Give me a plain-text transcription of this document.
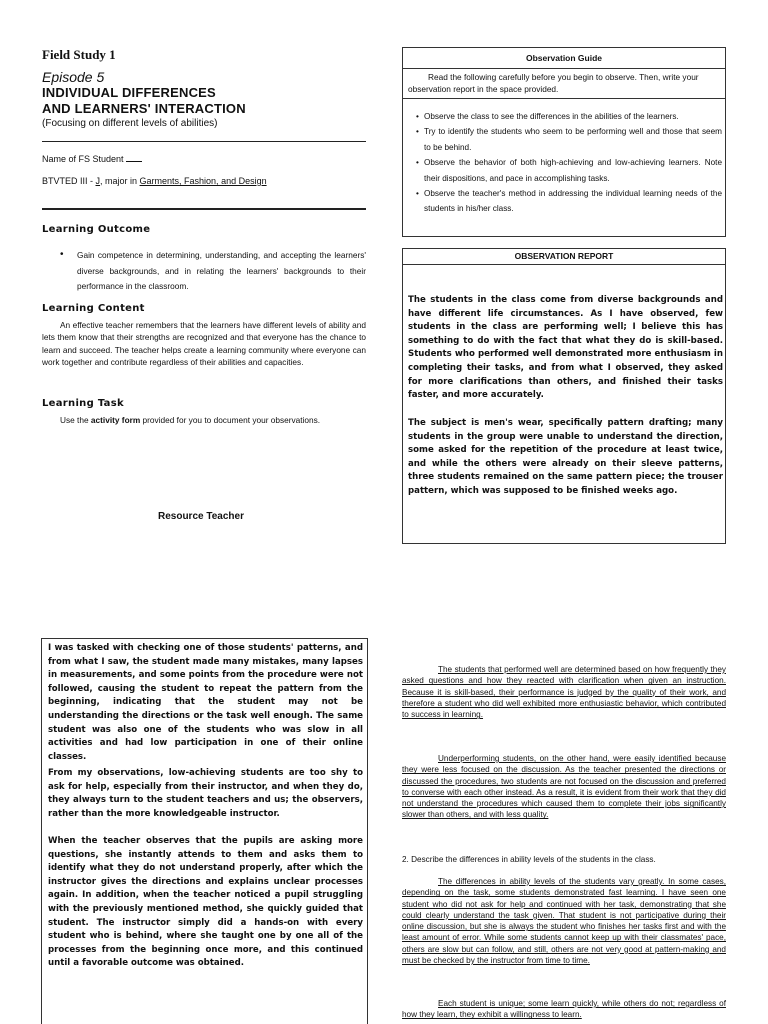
Field Study 1
Episode 5
INDIVIDUAL DIFFERENCES
AND LEARNERS' INTERACTION
(Focusing on different levels of abilities)
Name of FS Student
BTVTED III - J, major in Garments, Fashion, and Design
Learning Outcome
• Gain competence in determining, understanding, and accepting the learners' diverse backgrounds, and in relating the learners' backgrounds to their performance in the classroom.
Learning Content
An effective teacher remembers that the learners have different levels of ability and lets them know that their strengths are recognized and that everyone has the chance to learn and succeed. The teacher helps create a learning community where everyone can work together and contribute regardless of their abilities and capacities.
Learning Task
Use the activity form provided for you to document your observations.
Resource Teacher
Observation Guide
Read the following carefully before you begin to observe. Then, write your observation report in the space provided.
• Observe the class to see the differences in the abilities of the learners.
• Try to identify the students who seem to be performing well and those that seem to be behind.
• Observe the behavior of both high-achieving and low-achieving learners. Note their dispositions, and pace in accomplishing tasks.
• Observe the teacher's method in addressing the individual learning needs of the students in his/her class.
OBSERVATION REPORT
The students in the class come from diverse backgrounds and have different life circumstances. As I have observed, few students in the class are performing well; I believe this has something to do with the fact that what they do is skill-based. Students who performed well demonstrated more enthusiasm in completing their tasks, and from what I observed, they asked for more clarifications than others, and finished their tasks faster, and more accurately.
The subject is men's wear, specifically pattern drafting; many students in the group were unable to understand the direction, some asked for the repetition of the procedure at least twice, and while the others were already on their sleeve patterns, three students remained on the same pattern piece; the trouser pattern, which was supposed to be finished weeks ago.
I was tasked with checking one of those students' patterns, and from what I saw, the student made many mistakes, many lapses in measurements, and some points from the procedure were not followed, causing the student to repeat the pattern from the beginning, indicating that the student may not be understanding the directions or the task well enough. The same student was also one of the students who was slow in all activities and had low participation in one of their online classes.
From my observations, low-achieving students are too shy to ask for help, especially from their instructor, and when they do, they always turn to the student teachers and us; the observers, rather than the more knowledgeable instructor.
When the teacher observes that the pupils are asking more questions, she instantly attends to them and asks them to identify what they do not understand properly, after which the instructor gives the directions and explains unclear processes again. In addition, when the teacher noticed a pupil struggling with the previously mentioned method, she quickly guided that student. The instructor simply did a hands-on with every student who is behind, where she taught one by one all of the processes from the beginning once more, and this continued until a favorable outcome was obtained.
The students that performed well are determined based on how frequently they asked questions and how they reacted with clarification when given an instruction. Because it is skill-based, their performance is judged by the quality of their work, and therefore a student who did well exhibited more enthusiastic behavior, which contributed to success in learning.
Underperforming students, on the other hand, were easily identified because they were less focused on the discussion. As the teacher presented the directions or discussed the procedures, two students are not focused on the discussion and preferred to converse with each other instead. As a result, it is evident from their work that they did not understand the procedures which caused them to complete their jobs significantly slower than others, and with less quality.
2. Describe the differences in ability levels of the students in the class.
The differences in ability levels of the students vary greatly. In some cases, depending on the task, some students demonstrated fast learning. I have seen one student who did not ask for help and continued with her task, demonstrating that she could clearly understand the task given. That student is not participative during their online discussion, but she is always the student who finishes her tasks first and with the least amount of error. While some students cannot keep up with their classmates' pace, others are slow but can follow, and still, others are not very good at pattern-making and must be checked by the instructor from time to time.
Each student is unique; some learn quickly, while others do not; regardless of how they learn, they exhibit a willingness to learn.
